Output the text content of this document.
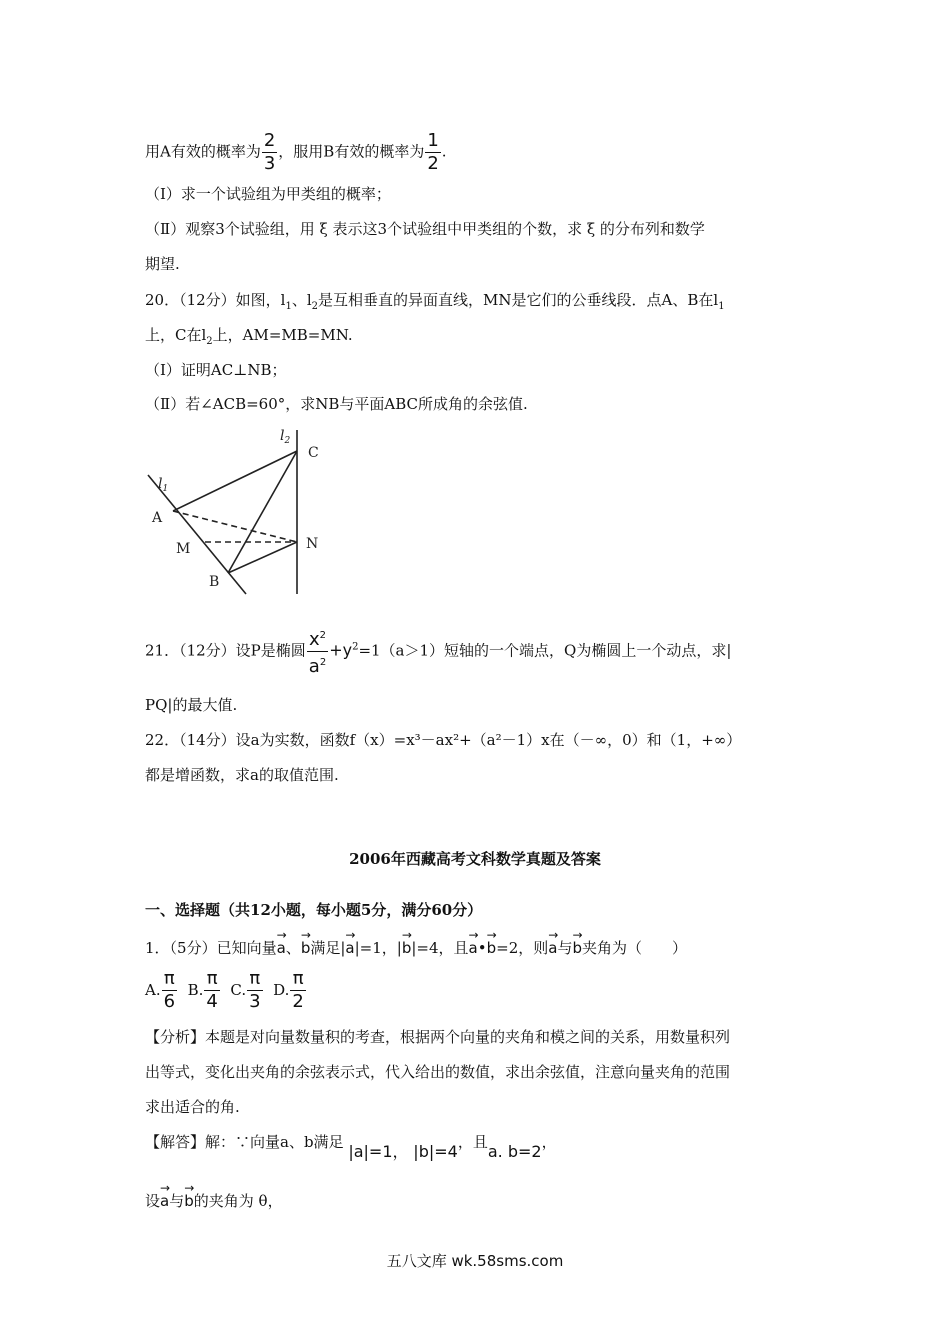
用A有效的概率为 $\frac{2}{3}$ ，服用B有效的概率为 $\frac{1}{2}$ .
（Ⅰ）求一个试验组为甲类组的概率；
（Ⅱ）观察3个试验组，用 ξ 表示这3个试验组中甲类组的个数，求 ξ 的分布列和数学
期望.
20．（12分）如图，$l_1$、$l_2$是互相垂直的异面直线，MN是它们的公垂线段．点A、B在$l_1$
上，C在$l_2$上，AM=MB=MN.
（Ⅰ）证明AC⊥NB；
（Ⅱ）若∠ACB=60°，求NB与平面ABC所成角的余弦值.
$l_2$
C
$l_1$
A
M	N
B
21．（12分）设P是椭圆 $\frac{x^2}{a^2} +y^2=1(a>1)$短轴的一个端点，Q为椭圆上一个动点，求|
PQ|的最大值.
22．（14分）设a为实数，函数f（x）=x³－ax²+（a²－1）x在（－∞，0）和（1，+∞）
都是增函数，求a的取值范围.
2006年西藏高考文科数学真题及答案
一、选择题（共12小题，每小题5分，满分60分）
1．（5分）已知向量→ a、→ b满足|→ a|=1，|→ b|=4，且→ a•→ b=2，则→ a与→ b夹角为（　　）
A. $\frac{\pi}{6} B$. $\frac{\pi}{4} C$. $\frac{\pi}{3} D$. $\frac{\pi}{2}$
【分析】本题是对向量数量积的考查，根据两个向量的夹角和模之间的关系，用数量积列
出等式，变化出夹角的余弦表示式，代入给出的数值，求出余弦值，注意向量夹角的范围
求出适合的角.
【解答】解：∵向量a、b满足 |a|=1， |b|=4，且a. b=2，
设→ a与→ b的夹角为 θ，
五八文库 wk.58sms.com
